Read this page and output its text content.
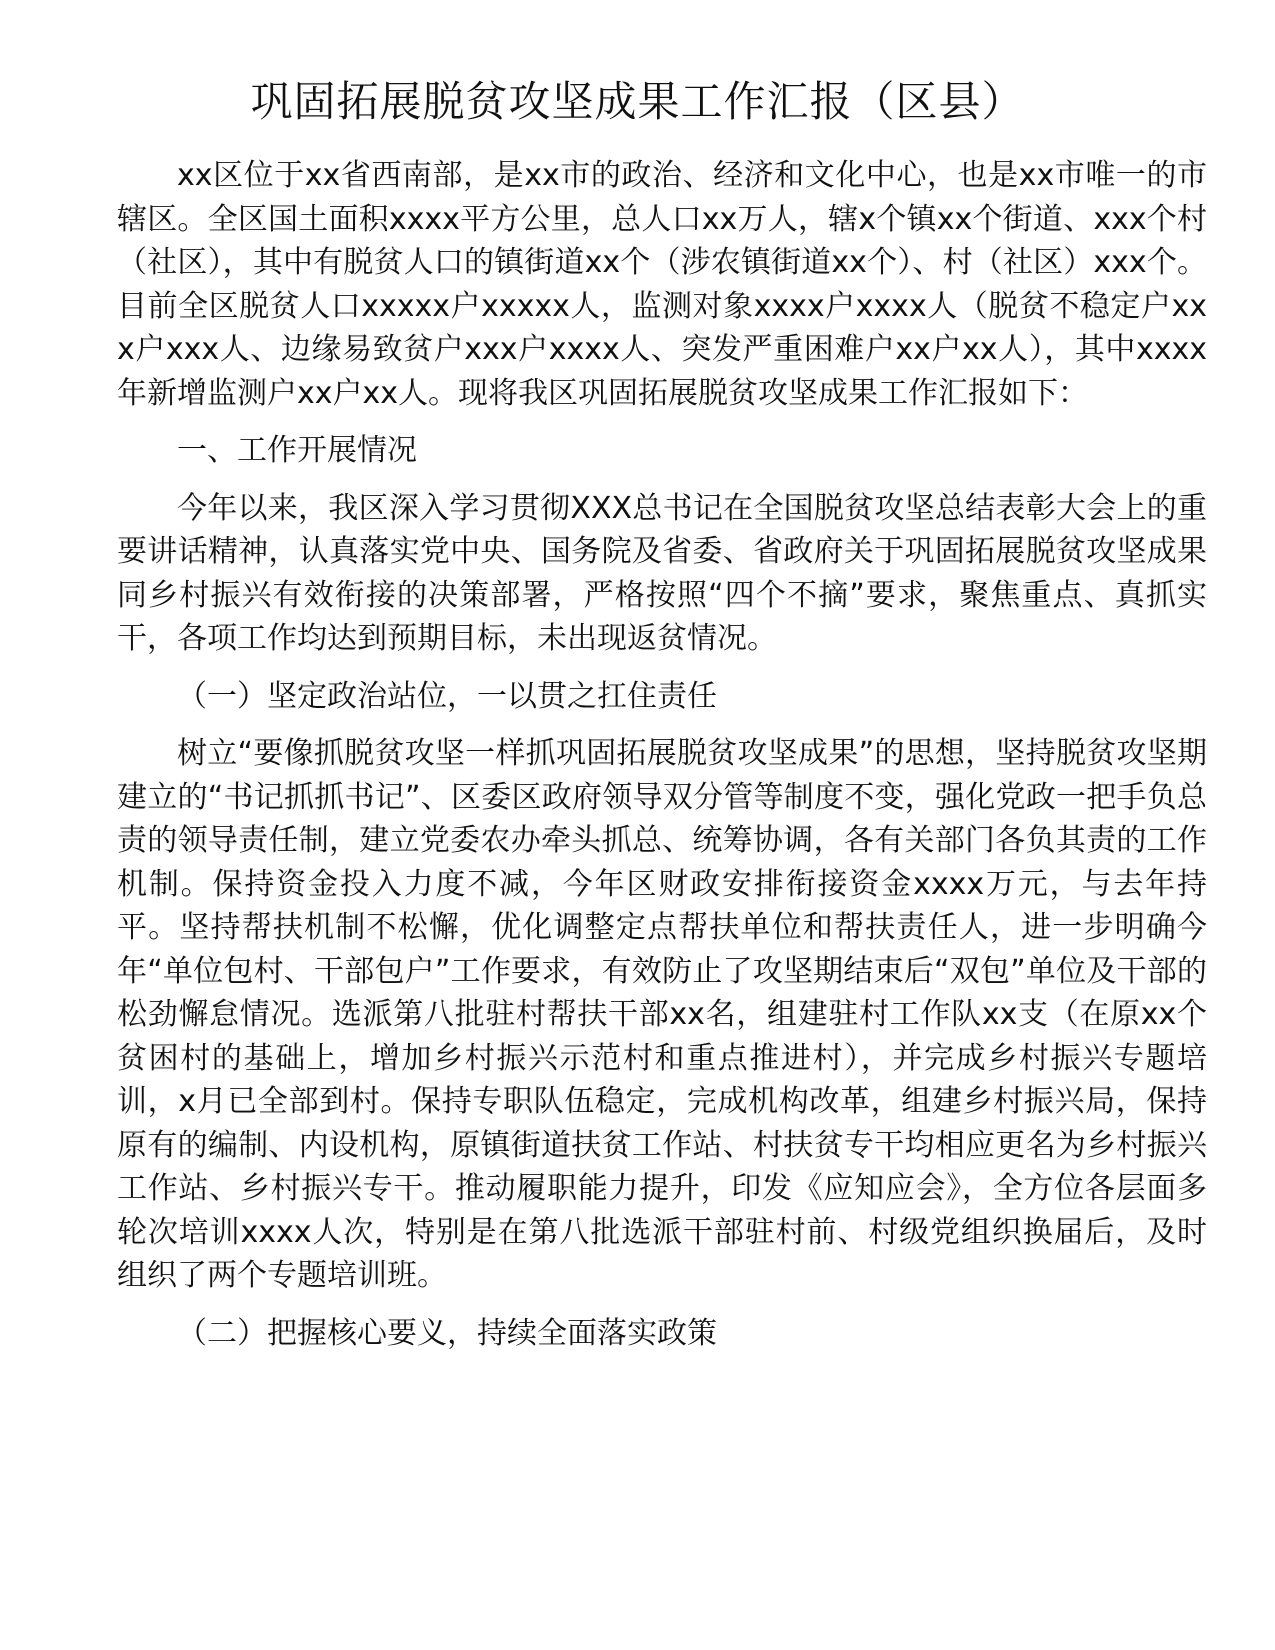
巩固拓展脱贫攻坚成果工作汇报（区县）

xx区位于xx省西南部，是xx市的政治、经济和文化中心，也是xx市唯一的市辖区。全区国土面积xxxx平方公里，总人口xx万人，辖x个镇xx个街道、xxx个村（社区），其中有脱贫人口的镇街道xx个（涉农镇街道xx个）、村（社区）xxx个。目前全区脱贫人口xxxxx户xxxxx人，监测对象xxxx户xxxx人（脱贫不稳定户xxx户xxx人、边缘易致贫户xxx户xxxx人、突发严重困难户xx户xx人），其中xxxx年新增监测户xx户xx人。现将我区巩固拓展脱贫攻坚成果工作汇报如下：

一、工作开展情况

今年以来，我区深入学习贯彻XXX总书记在全国脱贫攻坚总结表彰大会上的重要讲话精神，认真落实党中央、国务院及省委、省政府关于巩固拓展脱贫攻坚成果同乡村振兴有效衔接的决策部署，严格按照“四个不摘”要求，聚焦重点、真抓实干，各项工作均达到预期目标，未出现返贫情况。

（一）坚定政治站位，一以贯之扛住责任

树立“要像抓脱贫攻坚一样抓巩固拓展脱贫攻坚成果”的思想，坚持脱贫攻坚期建立的“书记抓抓书记”、区委区政府领导双分管等制度不变，强化党政一把手负总责的领导责任制，建立党委农办牵头抓总、统筹协调，各有关部门各负其责的工作机制。保持资金投入力度不减，今年区财政安排衔接资金xxxx万元，与去年持平。坚持帮扶机制不松懈，优化调整定点帮扶单位和帮扶责任人，进一步明确今年“单位包村、干部包户”工作要求，有效防止了攻坚期结束后“双包”单位及干部的松劲懈怠情况。选派第八批驻村帮扶干部xx名，组建驻村工作队xx支（在原xx个贫困村的基础上，增加乡村振兴示范村和重点推进村），并完成乡村振兴专题培训，x月已全部到村。保持专职队伍稳定，完成机构改革，组建乡村振兴局，保持原有的编制、内设机构，原镇街道扶贫工作站、村扶贫专干均相应更名为乡村振兴工作站、乡村振兴专干。推动履职能力提升，印发《应知应会》，全方位各层面多轮次培训xxxx人次，特别是在第八批选派干部驻村前、村级党组织换届后，及时组织了两个专题培训班。

（二）把握核心要义，持续全面落实政策
